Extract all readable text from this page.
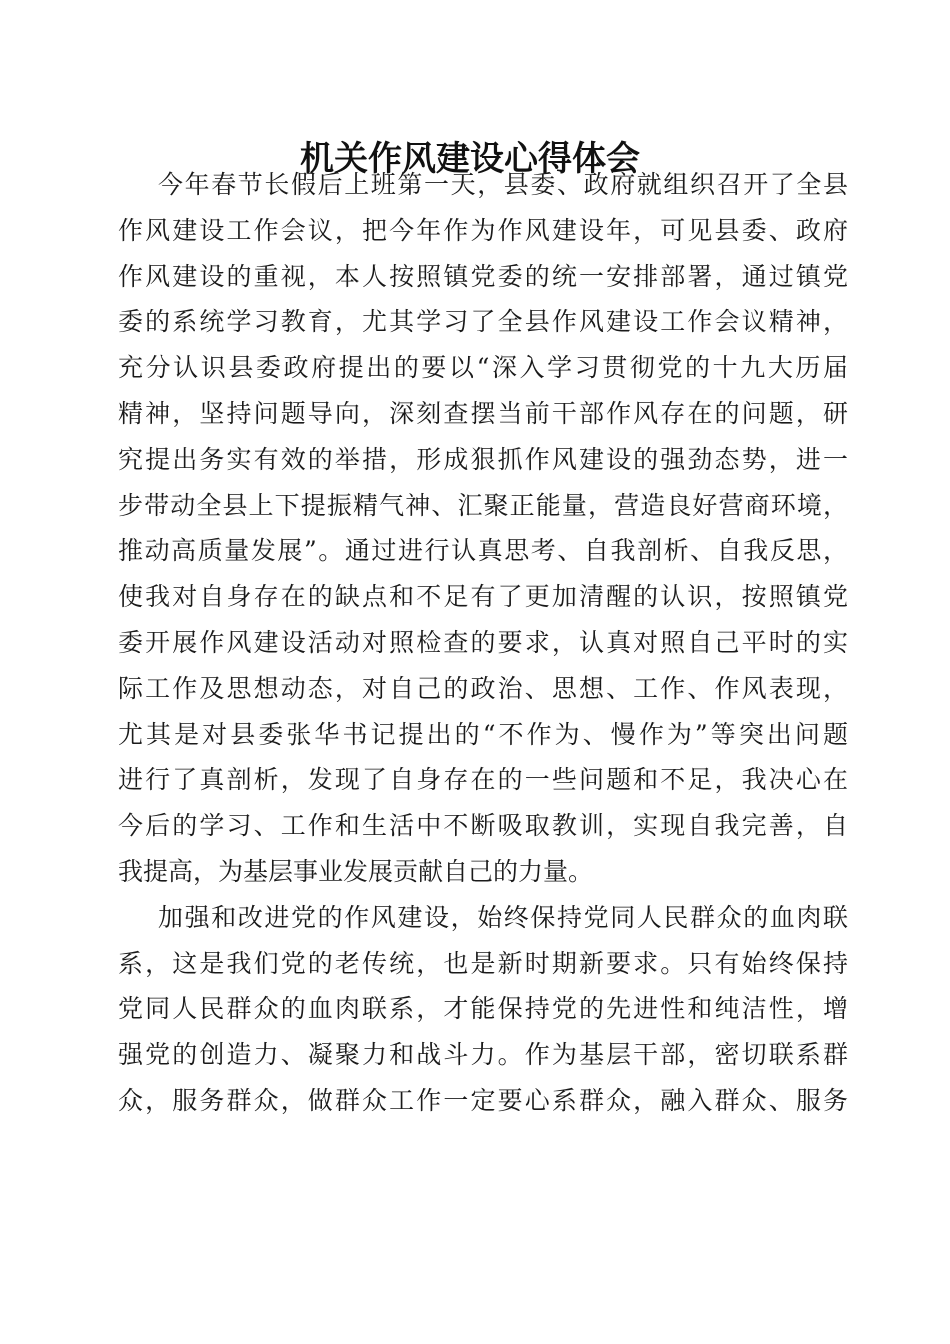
机关作风建设心得体会
今年春节长假后上班第一天，县委、政府就组织召开了全县
作风建设工作会议，把今年作为作风建设年，可见县委、政府
作风建设的重视，本人按照镇党委的统一安排部署，通过镇党
委的系统学习教育，尤其学习了全县作风建设工作会议精神，
充分认识县委政府提出的要以“深入学习贯彻党的十九大历届
精神，坚持问题导向，深刻查摆当前干部作风存在的问题，研
究提出务实有效的举措，形成狠抓作风建设的强劲态势，进一
步带动全县上下提振精气神、汇聚正能量，营造良好营商环境，
推动高质量发展”。通过进行认真思考、自我剖析、自我反思，
使我对自身存在的缺点和不足有了更加清醒的认识，按照镇党
委开展作风建设活动对照检查的要求，认真对照自己平时的实
际工作及思想动态，对自己的政治、思想、工作、作风表现，
尤其是对县委张华书记提出的“不作为、慢作为”等突出问题
进行了真剖析，发现了自身存在的一些问题和不足，我决心在
今后的学习、工作和生活中不断吸取教训，实现自我完善，自
我提高，为基层事业发展贡献自己的力量。
加强和改进党的作风建设，始终保持党同人民群众的血肉联
系，这是我们党的老传统，也是新时期新要求。只有始终保持
党同人民群众的血肉联系，才能保持党的先进性和纯洁性，增
强党的创造力、凝聚力和战斗力。作为基层干部，密切联系群
众，服务群众，做群众工作一定要心系群众，融入群众、服务
